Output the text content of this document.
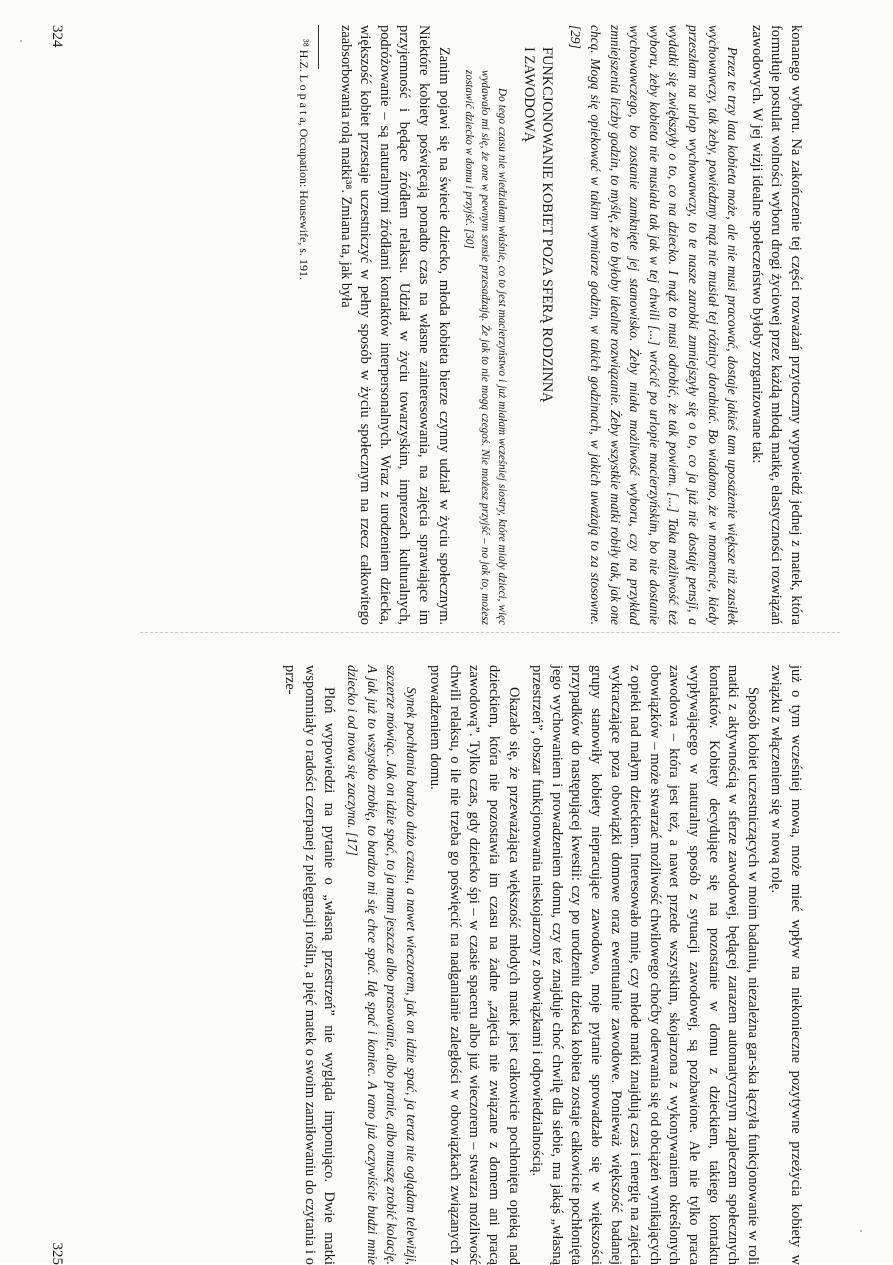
konanego wyboru. Na zakończenie tej części rozważań przytoczmy wypowiedź jednej z matek, która formułuje postulat wolności wyboru drogi życiowej przez każdą młodą matkę, elastyczności rozwiązań zawodowych. W jej wizji idealne społeczeństwo byłoby zorganizowane tak:

Przez te trzy lata kobieta może, ale nie musi pracować, dostaje jakieś tam uposażenie większe niż zasiłek wychowawczy, tak żeby, powiedzmy mąż nie musiał tej różnicy dorabiać. Bo wiadomo, że w momencie, kiedy przeszłam na urlop wychowawczy, to te nasze zarobki zmniejszyły się o to, co ja już nie dostaję pensji, a wydatki się zwiększyły o to, co na dziecko. I mąż to musi odrobić, że tak powiem. [...] Taka możliwość też wyboru, żeby kobieta nie musiała tak jak w tej chwili [...] wrócić po urlopie macierzyńskim, bo nie dostanie wychowawczego, bo zostanie zamknięte jej stanowisko. Żeby miała możliwość wyboru, czy na przykład zmniejszenia liczby godzin, to myślę, że to byłoby idealne rozwiązanie. Żeby wszystkie matki robiły tak, jak one chcą. Mogą się opiekować w takim wymiarze godzin, w takich godzinach, w jakich uważają to za stosowne. [29]

FUNKCJONOWANIE KOBIET POZA SFERĄ RODZINNĄ
I ZAWODOWĄ

Do tego czasu nie wiedziałam właśnie, co to jest macierzyństwo i już miałam wcześniej siostry, które miały dzieci, więc wydawało mi się, że one w pewnym sensie przesadzają. Że jak to nie mogą czegoś. Nie możesz przyjść – no jak to, możesz zostawić dziecko w domu i przyjść. [30]

Zanim pojawi się na świecie dziecko, młoda kobieta bierze czynny udział w życiu społecznym. Niektóre kobiety poświęcają ponadto czas na własne zainteresowania, na zajęcia sprawiające im przyjemność i będące źródłem relaksu. Udział w życiu towarzyskim, imprezach kulturalnych, podróżowanie – są naturalnymi źródłami kontaktów interpersonalnych. Wraz z urodzeniem dziecka, większość kobiet przestaje uczestniczyć w pełny sposób w życiu społecznym na rzecz całkowitego zaabsorbowania rolą matki³⁸. Zmiana ta, jak była

³⁸ H.Z. L o p a t a, Occupation: Housewife, s. 191.

324

już o tym wcześniej mowa, może mieć wpływ na niekonieczne pozytywne przeżycia kobiety w związku z włączeniem się w nową rolę.

Sposób kobiet uczestniczących w moim badaniu, niezależna gar-ska łączyła funkcjonowanie w roli matki z aktywnością w sferze zawodowej, będącej zarazem automatycznym zapleczem społecznych kontaktów. Kobiety decydujące się na pozostanie w domu z dzieckiem, takiego kontaktu wypływającego w naturalny sposób z sytuacji zawodowej, są pozbawione. Ale nie tylko praca zawodowa – która jest też, a nawet przede wszystkim, skojarzona z wykonywaniem określonych obowiązków – może stwarzać możliwość chwilowego choćby oderwania się od obciążeń wynikających z opieki nad małym dzieckiem. Interesowało mnie, czy młode matki znajdują czas i energię na zajęcia wykraczające poza obowiązki domowe oraz ewentualnie zawodowe. Ponieważ większość badanej grupy stanowiły kobiety niepracujące zawodowo, moje pytanie sprowadzało się w większości przypadków do następującej kwestii: czy po urodzeniu dziecka kobieta zostaje całkowicie pochłonięta jego wychowaniem i prowadzeniem domu, czy też znajduje choć chwilę dla siebie, ma jakąś „własną przestrzeń”, obszar funkcjonowania nieskojarzony z obowiązkami i odpowiedzialnością.

Okazało się, że przeważająca większość młodych matek jest całkowicie pochłonięta opieką nad dzieckiem, która nie pozostawia im czasu na żadne „zajęcia nie związane z domem ani pracą zawodową”. Tylko czas, gdy dziecko śpi – w czasie spaceru albo już wieczorem – stwarza możliwość chwili relaksu, o ile nie trzeba go poświęcić na nadganianie zaległości w obowiązkach związanych z prowadzeniem domu.

Synek pochłania bardzo dużo czasu, a nawet wieczorem, jak on idzie spać, ja teraz nie oglądam telewizji, szczerze mówiąc. Jak on idzie spać, to ja mam jeszcze albo prasowanie, albo pranie, albo muszę zrobić kolację. A jak już to wszystko zrobię, to bardzo mi się chce spać. Idę spać i koniec. A rano już oczywiście budzi mnie dziecko i od nowa się zaczyna. [17]

Ploń wypowiedzi na pytanie o „własną przestrzeń” nie wygląda imponująco. Dwie matki wspomniały o radości czerpanej z pielęgnacji roślin, a pięć matek o swoim zamiłowaniu do czytania i o prze-

325
